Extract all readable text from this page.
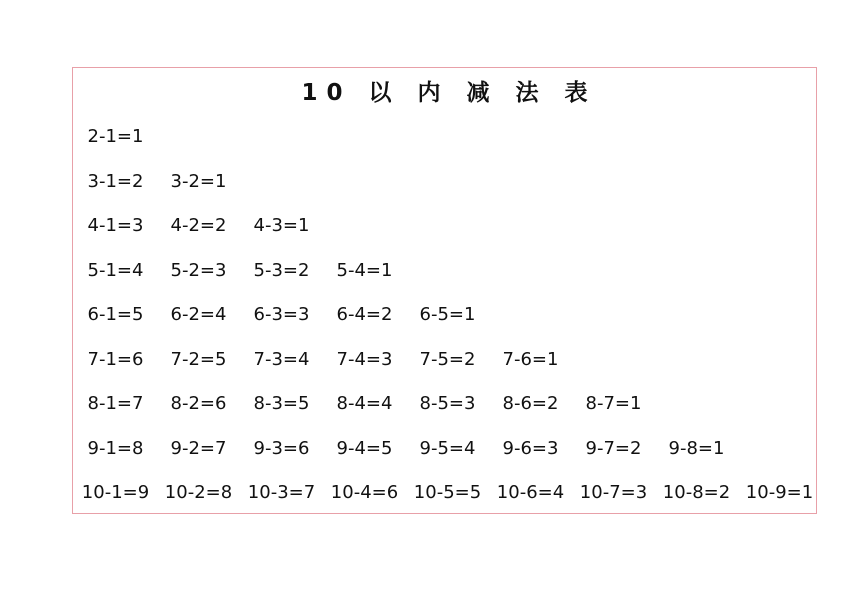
10 以 内 减 法 表
2-1=1
3-1=2	3-2=1
4-1=3	4-2=2	4-3=1
5-1=4	5-2=3	5-3=2	5-4=1
6-1=5	6-2=4	6-3=3	6-4=2	6-5=1
7-1=6	7-2=5	7-3=4	7-4=3	7-5=2	7-6=1
8-1=7	8-2=6	8-3=5	8-4=4	8-5=3	8-6=2	8-7=1
9-1=8	9-2=7	9-3=6	9-4=5	9-5=4	9-6=3	9-7=2	9-8=1
10-1=9 10-2=8 10-3=7 10-4=6 10-5=5 10-6=4 10-7=3 10-8=2 10-9=1
